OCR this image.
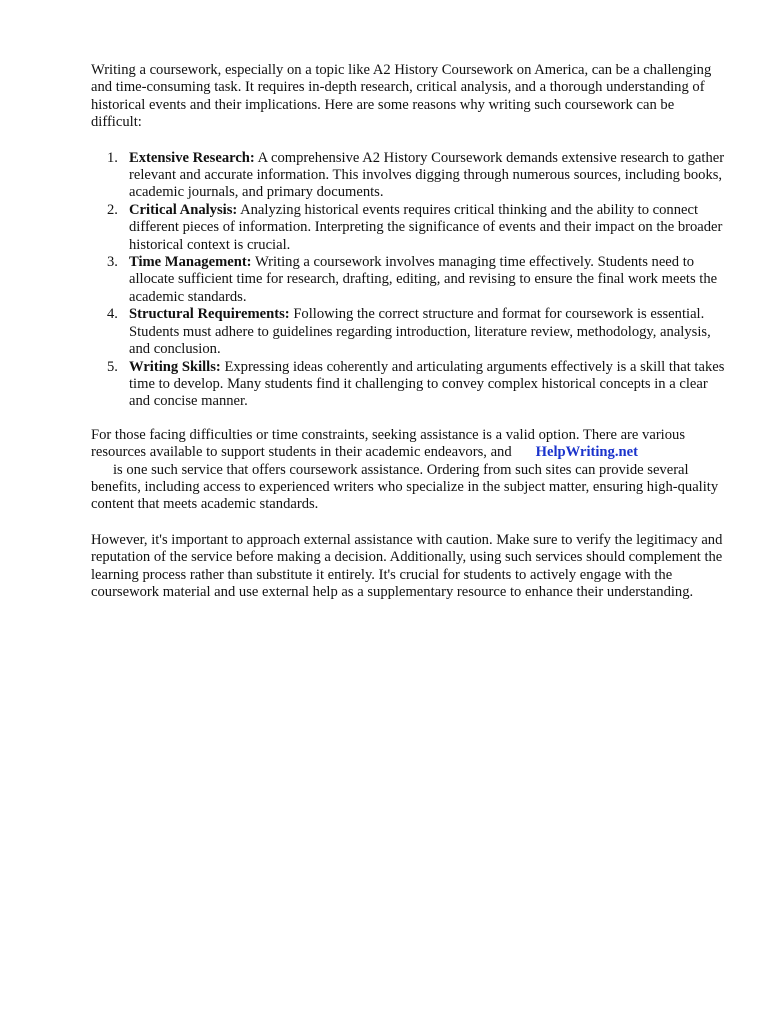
Writing a coursework, especially on a topic like A2 History Coursework on America, can be a challenging and time-consuming task. It requires in-depth research, critical analysis, and a thorough understanding of historical events and their implications. Here are some reasons why writing such coursework can be difficult:

1. Extensive Research: A comprehensive A2 History Coursework demands extensive research to gather relevant and accurate information. This involves digging through numerous sources, including books, academic journals, and primary documents.
2. Critical Analysis: Analyzing historical events requires critical thinking and the ability to connect different pieces of information. Interpreting the significance of events and their impact on the broader historical context is crucial.
3. Time Management: Writing a coursework involves managing time effectively. Students need to allocate sufficient time for research, drafting, editing, and revising to ensure the final work meets the academic standards.
4. Structural Requirements: Following the correct structure and format for coursework is essential. Students must adhere to guidelines regarding introduction, literature review, methodology, analysis, and conclusion.
5. Writing Skills: Expressing ideas coherently and articulating arguments effectively is a skill that takes time to develop. Many students find it challenging to convey complex historical concepts in a clear and concise manner.

For those facing difficulties or time constraints, seeking assistance is a valid option. There are various resources available to support students in their academic endeavors, and HelpWriting.net
is one such service that offers coursework assistance. Ordering from such sites can provide several benefits, including access to experienced writers who specialize in the subject matter, ensuring high-quality content that meets academic standards.

However, it's important to approach external assistance with caution. Make sure to verify the legitimacy and reputation of the service before making a decision. Additionally, using such services should complement the learning process rather than substitute it entirely. It's crucial for students to actively engage with the coursework material and use external help as a supplementary resource to enhance their understanding.
